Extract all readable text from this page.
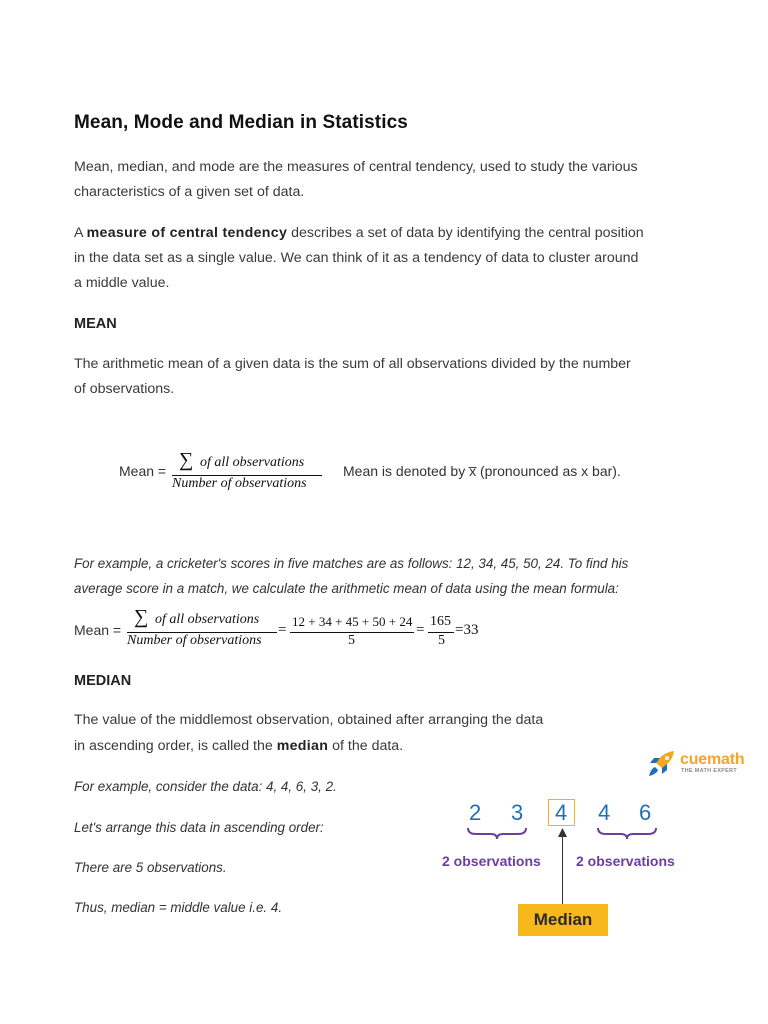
Mean, Mode and Median in Statistics

Mean, median, and mode are the measures of central tendency, used to study the various

characteristics of a given set of data.

A measure of central tendency describes a set of data by identifying the central position

in the data set as a single value. We can think of it as a tendency of data to cluster around

a middle value.

MEAN

The arithmetic mean of a given data is the sum of all observations divided by the number

of observations.

Mean = ∑ of all observations
Number of observations
Mean is denoted by x̅ (pronounced as x bar).

For example, a cricketer's scores in five matches are as follows: 12, 34, 45, 50, 24. To find his

average score in a match, we calculate the arithmetic mean of data using the mean formula:

Mean =
∑ of all observations
Number of observations
=
12 + 34 + 45 + 50 + 24
5
=
165
5
=33

MEDIAN

The value of the middlemost observation, obtained after arranging the data

in ascending order, is called the median of the data.

For example, consider the data: 4, 4, 6, 3, 2.

Let's arrange this data in ascending order:

There are 5 observations.

Thus, median = middle value i.e. 4.

cuemath
THE MATH EXPERT
2 3 4 4 6
2 observations	2 observations
Median
